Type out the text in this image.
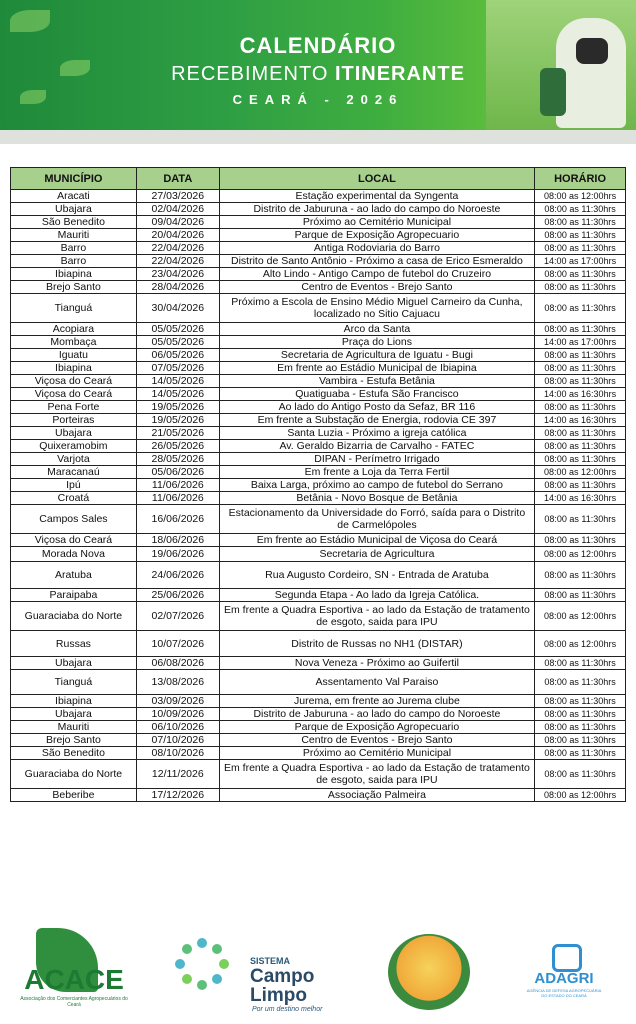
CALENDÁRIO
RECEBIMENTO ITINERANTE
CEARÁ - 2026
MUNICÍPIO	DATA	LOCAL	HORÁRIO
Aracati	27/03/2026	Estação experimental da Syngenta	08:00 as 12:00hrs
Ubajara	02/04/2026	Distrito de Jaburuna - ao lado do campo do Noroeste	08:00 as 11:30hrs
São Benedito	09/04/2026	Próximo ao Cemitério Municipal	08:00 as 11:30hrs
Mauriti	20/04/2026	Parque de Exposição Agropecuario	08:00 as 11:30hrs
Barro	22/04/2026	Antiga Rodoviaria do Barro	08:00 as 11:30hrs
Barro	22/04/2026	Distrito de Santo Antônio - Próximo a casa de Erico Esmeraldo	14:00 as 17:00hrs
Ibiapina	23/04/2026	Alto Lindo - Antigo Campo de futebol do Cruzeiro	08:00 as 11:30hrs
Brejo Santo	28/04/2026	Centro de Eventos - Brejo Santo	08:00 as 11:30hrs
Tianguá	30/04/2026	Próximo a Escola de Ensino Médio Miguel Carneiro da Cunha, localizado no Sitio Cajuacu	08:00 as 11:30hrs
Acopiara	05/05/2026	Arco da Santa	08:00 as 11:30hrs
Mombaça	05/05/2026	Praça do Lions	14:00 as 17:00hrs
Iguatu	06/05/2026	Secretaria de Agricultura de Iguatu - Bugi	08:00 as 11:30hrs
Ibiapina	07/05/2026	Em frente ao Estádio Municipal de Ibiapina	08:00 as 11:30hrs
Viçosa do Ceará	14/05/2026	Vambira - Estufa Betânia	08:00 as 11:30hrs
Viçosa do Ceará	14/05/2026	Quatiguaba - Estufa São Francisco	14:00 as 16:30hrs
Pena Forte	19/05/2026	Ao lado do Antigo Posto da Sefaz, BR 116	08:00 as 11:30hrs
Porteiras	19/05/2026	Em frente a Substação de Energia, rodovia CE 397	14:00 as 16:30hrs
Ubajara	21/05/2026	Santa Luzia - Próximo a igreja católica	08:00 as 11:30hrs
Quixeramobim	26/05/2026	Av. Geraldo Bizarria de Carvalho - FATEC	08:00 as 11:30hrs
Varjota	28/05/2026	DIPAN - Perímetro Irrigado	08:00 as 11:30hrs
Maracanaú	05/06/2026	Em frente a Loja da Terra Fertil	08:00 as 12:00hrs
Ipú	11/06/2026	Baixa Larga, próximo ao campo de futebol do Serrano	08:00 as 11:30hrs
Croatá	11/06/2026	Betânia - Novo Bosque de Betânia	14:00 as 16:30hrs
Campos Sales	16/06/2026	Estacionamento da Universidade do Forró, saída para o Distrito de Carmelópoles	08:00 as 11:30hrs
Viçosa do Ceará	18/06/2026	Em frente ao Estádio Municipal de Viçosa do Ceará	08:00 as 11:30hrs
Morada Nova	19/06/2026	Secretaria de Agricultura	08:00 as 12:00hrs
Aratuba	24/06/2026	Rua Augusto Cordeiro, SN - Entrada de Aratuba	08:00 as 11:30hrs
Paraipaba	25/06/2026	Segunda Etapa - Ao lado da Igreja Católica.	08:00 as 11:30hrs
Guaraciaba do Norte	02/07/2026	Em frente a Quadra Esportiva - ao lado da Estação de tratamento de esgoto, saida para IPU	08:00 as 12:00hrs
Russas	10/07/2026	Distrito de Russas no NH1 (DISTAR)	08:00 as 12:00hrs
Ubajara	06/08/2026	Nova Veneza - Próximo ao Guifertil	08:00 as 11:30hrs
Tianguá	13/08/2026	Assentamento Val Paraiso	08:00 as 11:30hrs
Ibiapina	03/09/2026	Jurema, em frente ao Jurema clube	08:00 as 11:30hrs
Ubajara	10/09/2026	Distrito de Jaburuna - ao lado do campo do Noroeste	08:00 as 11:30hrs
Mauriti	06/10/2026	Parque de Exposição Agropecuario	08:00 as 11:30hrs
Brejo Santo	07/10/2026	Centro de Eventos - Brejo Santo	08:00 as 11:30hrs
São Benedito	08/10/2026	Próximo ao Cemitério Municipal	08:00 as 11:30hrs
Guaraciaba do Norte	12/11/2026	Em frente a Quadra Esportiva - ao lado da Estação de tratamento de esgoto, saida para IPU	08:00 as 11:30hrs
Beberibe	17/12/2026	Associação Palmeira	08:00 as 12:00hrs
ACACE
Associação dos Comerciantes Agropecuários do Ceará
SISTEMA
Campo
Limpo
Por um destino melhor
ADAGRI
AGÊNCIA DE DEFESA AGROPECUÁRIA DO ESTADO DO CEARÁ
